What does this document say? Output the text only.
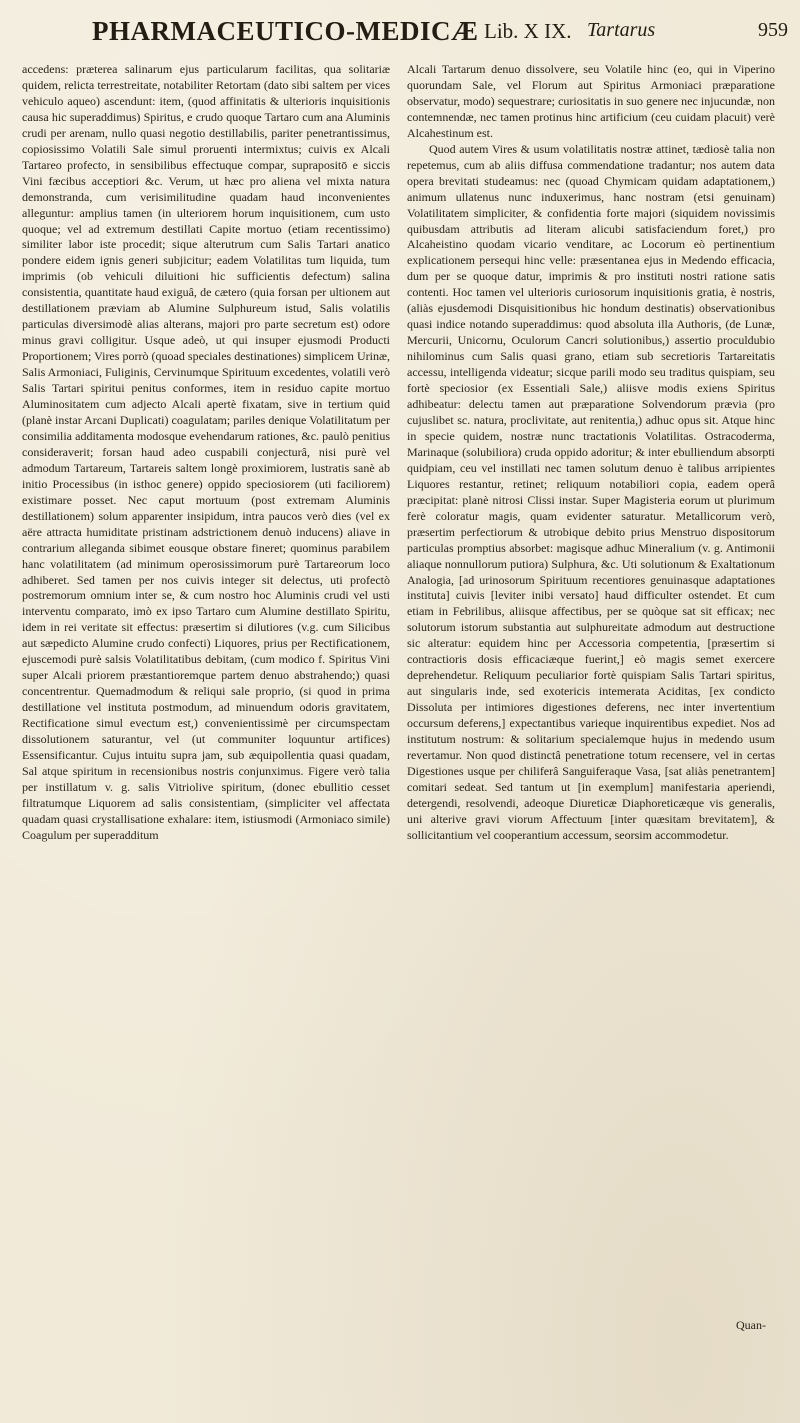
PHARMACEUTICO-MEDICÆ Lib. X IX. Tartarus	959

accedens: præterea salinarum ejus particularum facilitas, qua solitariæ quidem, relicta terrestreitate, notabiliter Retortam (dato sibi saltem per vices vehiculo aqueo) ascendunt: item, (quod affinitatis & ulterioris inquisitionis causa hic superaddimus) Spiritus, e crudo quoque Tartaro cum ana Aluminis crudi per arenam, nullo quasi negotio destillabilis, pariter penetrantissimus, copiosissimo Volatili Sale simul proruenti intermixtus; cuivis ex Alcali Tartareo profecto, in sensibilibus effectuque compar, suprapositō e siccis Vini fæcibus acceptiori &c. Verum, ut hæc pro aliena vel mixta natura demonstranda, cum verisimilitudine quadam haud inconvenientes alleguntur: amplius tamen (in ulteriorem horum inquisitionem, cum usto quoque; vel ad extremum destillati Capite mortuo (etiam recentissimo) similiter labor iste procedit; sique alterutrum cum Salis Tartari anatico pondere eidem ignis generi subjicitur; eadem Volatilitas tum liquida, tum imprimis (ob vehiculi diluitioni hic sufficientis defectum) salina consistentia, quantitate haud exiguâ, de cætero (quia forsan per ultionem aut destillationem præviam ab Alumine Sulphureum istud, Salis volatilis particulas diversimodè alias alterans, majori pro parte secretum est) odore minus gravi colligitur. Usque adeò, ut qui insuper ejusmodi Producti Proportionem; Vires porrò (quoad speciales destinationes) simplicem Urinæ, Salis Armoniaci, Fuliginis, Cervinumque Spirituum excedentes, volatili verò Salis Tartari spiritui penitus conformes, item in residuo capite mortuo Aluminositatem cum adjecto Alcali apertè fixatam, sive in tertium quid (planè instar Arcani Duplicati) coagulatam; pariles denique Volatilitatum per consimilia additamenta modosque evehendarum rationes, &c. paulò penitius consideraverit; forsan haud adeo cuspabili conjecturâ, nisi purè vel admodum Tartareum, Tartareis saltem longè proximiorem, lustratis sanè ab initio Processibus (in isthoc genere) oppido speciosiorem (uti faciliorem) existimare posset. Nec caput mortuum (post extremam Aluminis destillationem) solum apparenter insipidum, intra paucos verò dies (vel ex aëre attracta humiditate pristinam adstrictionem denuò inducens) aliave in contrarium alleganda sibimet eousque obstare fineret; quominus parabilem hanc volatilitatem (ad minimum operosissimorum purè Tartareorum loco adhiberet. Sed tamen per nos cuivis integer sit delectus, uti profectò postremorum omnium inter se, & cum nostro hoc Aluminis crudi vel usti interventu comparato, imò ex ipso Tartaro cum Alumine destillato Spiritu, idem in rei veritate sit effectus: præsertim si dilutiores (v.g. cum Silicibus aut sæpedicto Alumine crudo confecti) Liquores, prius per Rectificationem, ejuscemodi purè salsis Volatilitatibus debitam, (cum modico f. Spiritus Vini super Alcali priorem præstantioremque partem denuo abstrahendo;) quasi concentrentur. Quemadmodum & reliqui sale proprio, (si quod in prima destillatione vel instituta postmodum, ad minuendum odoris gravitatem, Rectificatione simul evectum est,) convenientissimè per circumspectam dissolutionem saturantur, vel (ut communiter loquuntur artifices) Essensificantur. Cujus intuitu supra jam, sub æquipollentia quasi quadam, Sal atque spiritum in recensionibus nostris conjunximus. Figere verò talia per instillatum v. g. salis Vitriolive spiritum, (donec ebullitio cesset filtratumque Liquorem ad salis consistentiam, (simpliciter vel affectata quadam quasi crystallisatione exhalare: item, istiusmodi (Armoniaco simile) Coagulum per superadditum

Alcali Tartarum denuo dissolvere, seu Volatile hinc (eo, qui in Viperino quorundam Sale, vel Florum aut Spiritus Armoniaci præparatione observatur, modo) sequestrare; curiositatis in suo genere nec injucundæ, non contemnendæ, nec tamen protinus hinc artificium (ceu cuidam placuit) verè Alcahestinum est.

Quod autem Vires & usum volatilitatis nostræ attinet, tædiosè talia non repetemus, cum ab aliis diffusa commendatione tradantur; nos autem data opera brevitati studeamus: nec (quoad Chymicam quidam adaptationem,) animum ullatenus nunc induxerimus, hanc nostram (etsi genuinam) Volatilitatem simpliciter, & confidentia forte majori (siquidem novissimis quibusdam attributis ad literam alicubi satisfaciendum foret,) pro Alcaheistino quodam vicario venditare, ac Locorum eò pertinentium explicationem persequi hinc velle: præsentanea ejus in Medendo efficacia, dum per se quoque datur, imprimis & pro instituti nostri ratione satis contenti. Hoc tamen vel ulterioris curiosorum inquisitionis gratia, è nostris, (aliàs ejusdemodi Disquisitionibus hic hondum destinatis) observationibus quasi indice notando superaddimus: quod absoluta illa Authoris, (de Lunæ, Mercurii, Unicornu, Oculorum Cancri solutionibus,) assertio proculdubio nihilominus cum Salis quasi grano, etiam sub secretioris Tartareitatis accessu, intelligenda videatur; sicque parili modo seu traditus quispiam, seu fortè speciosior (ex Essentiali Sale,) aliisve modis exiens Spiritus adhibeatur: delectu tamen aut præparatione Solvendorum prævia (pro cujuslibet sc. natura, proclivitate, aut renitentia,) adhuc opus sit. Atque hinc in specie quidem, nostræ nunc tractationis Volatilitas. Ostracoderma, Marinaque (solubiliora) cruda oppido adoritur; & inter ebulliendum absorpti quidpiam, ceu vel instillati nec tamen solutum denuo è talibus arripientes Liquores restantur, retinet; reliquum notabiliori copia, eadem operâ præcipitat: planè nitrosi Clissi instar. Super Magisteria eorum ut plurimum ferè coloratur magis, quam evidenter saturatur. Metallicorum verò, præsertim perfectiorum & utrobique debito prius Menstruo dispositorum particulas promptius absorbet: magisque adhuc Mineralium (v. g. Antimonii aliaque nonnullorum putiora) Sulphura, &c. Uti solutionum & Exaltationum Analogia, [ad urinosorum Spirituum recentiores genuinasque adaptationes instituta] cuivis [leviter inibi versato] haud difficulter ostendet. Et cum etiam in Febrilibus, aliisque affectibus, per se quòque sat sit efficax; nec solutorum istorum substantia aut sulphureitate admodum aut destructione sic alteratur: equidem hinc per Accessoria competentia, [præsertim si contractioris dosis efficaciæque fuerint,] eò magis semet exercere deprehendetur. Reliquum peculiarior fortè quispiam Salis Tartari spiritus, aut singularis inde, sed exotericis intemerata Aciditas, [ex condicto Dissoluta per intimiores digestiones deferens, nec inter invertentium occursum deferens,] expectantibus varieque inquirentibus expediet. Nos ad institutum nostrum: & solitarium specialemque hujus in medendo usum revertamur. Non quod distinctâ penetratione totum recensere, vel in certas Digestiones usque per chiliferâ Sanguiferaque Vasa, [sat aliàs penetrantem] comitari sedeat. Sed tantum ut [in exemplum] manifestaria aperiendi, detergendi, resolvendi, adeoque Diureticæ Diaphoreticæque vis generalis, uni alterive gravi viorum Affectuum [inter quæsitam brevitatem], & sollicitantium vel cooperantium accessum, seorsim accommodetur.

Quan-
